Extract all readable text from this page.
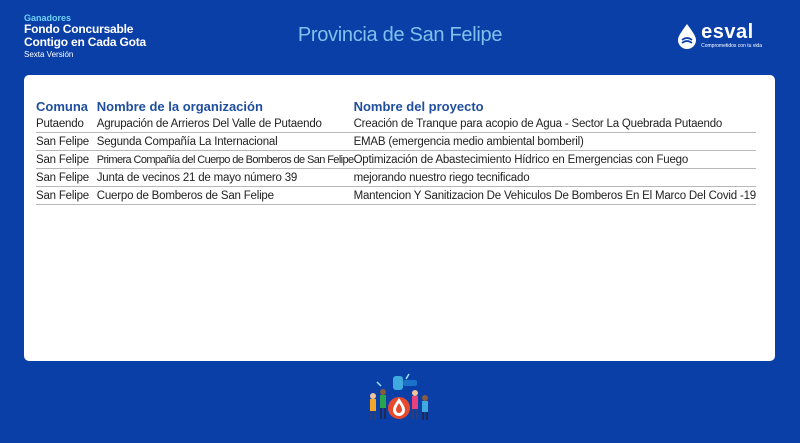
Ganadores
Fondo Concursable
Contigo en Cada Gota
Sexta Versión
Provincia de San Felipe	esval
Comprometidos con tu vida
Comuna	Nombre de la organización	Nombre del proyecto
Putaendo	Agrupación de Arrieros Del Valle de Putaendo	Creación de Tranque para acopio de Agua - Sector La Quebrada Putaendo
San Felipe	Segunda Compañía La Internacional	EMAB (emergencia medio ambiental bomberil)
San Felipe	Primera Compañía del Cuerpo de Bomberos de San Felipe	Optimización de Abastecimiento Hídrico en Emergencias con Fuego
San Felipe	Junta de vecinos 21 de mayo número 39	mejorando nuestro riego tecnificado
San Felipe	Cuerpo de Bomberos de San Felipe	Mantencion Y Sanitizacion De Vehiculos De Bomberos En El Marco Del Covid -19
